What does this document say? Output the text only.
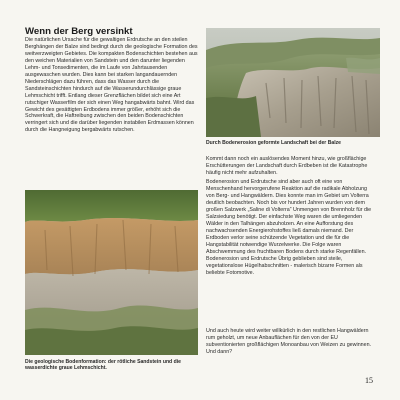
Wenn der Berg versinkt

Die natürlichen Ursache für die gewaltigen Erdrutsche an den steilen Berghängen der Balze sind bedingt durch die geologische Formation des weitverzweigten Gebietes. Die kompakten Bodenschichten bestehen aus den weichen Materialien von Sandstein und den darunter liegenden Lehm- und Tonsedimenten, die im Laufe von Jahrtausenden ausgewaschen wurden. Dies kann bei starken langandauernden Niederschlägen dazu führen, dass das Wasser durch die Sandsteinschichten hindurch auf die Wasserundurchlässige graue Lehmschicht trifft. Entlang dieser Grenzflächen bildet sich eine Art rutschiger Wasserfilm der sich einen Weg hangabwärts bahnt. Wird das Gewicht des gesättigten Erdbodens immer größer, erhöht sich die Schwerkraft, die Haftreibung zwischen den beiden Bodenschichten verringert sich und die darüber liegenden instabilen Erdmassen können durch die Hangneigung bergabwärts rutschen.

Durch Bodenerosion geformte Landschaft bei der Balze
Die geologische Bodenformation: der rötliche Sandstein und die wasserdichte graue Lehmschicht.

Kommt dann noch ein auslösendes Moment hinzu, wie großflächige Erschütterungen der Landschaft durch Erdbeben ist die Katastrophe häufig nicht mehr aufzuhalten.

Bodenerosion und Erdrutsche sind aber auch oft eine von Menschenhand hervorgerufene Reaktion auf die radikale Abholzung von Berg- und Hangwäldern. Dies konnte man im Gebiet um Volterra deutlich beobachten. Noch bis vor hundert Jahren wurden von dem großen Salzwerk „Saline di Volterra“ Unmengen von Brennholz für die Salzsiedung benötigt. Der einfachste Weg waren die umliegenden Wälder in den Talhängen abzuholzen. An eine Aufforstung des nachwachsenden Energierohstoffes ließ damals niemand. Der Erdboden verlor seine schützende Vegetation und die für die Hangstabilität notwendige Wurzelwerke. Die Folge waren Abschwemmung des fruchtbaren Bodens durch starke Regenfällen. Bodenerosion und Erdrutsche Übrig geblieben sind steile, vegetationslose Hügelhabschnitten - malerisch bizarre Formen als beliebte Fotomotive.

Und auch heute wird weiter willkürlich in den restlichen Hangwäldern rum geholzt, um neue Anbauflächen für den von der EU subventionierten großflächigen Monoanbau von Weizen zu gewinnen. Und dann?

15
